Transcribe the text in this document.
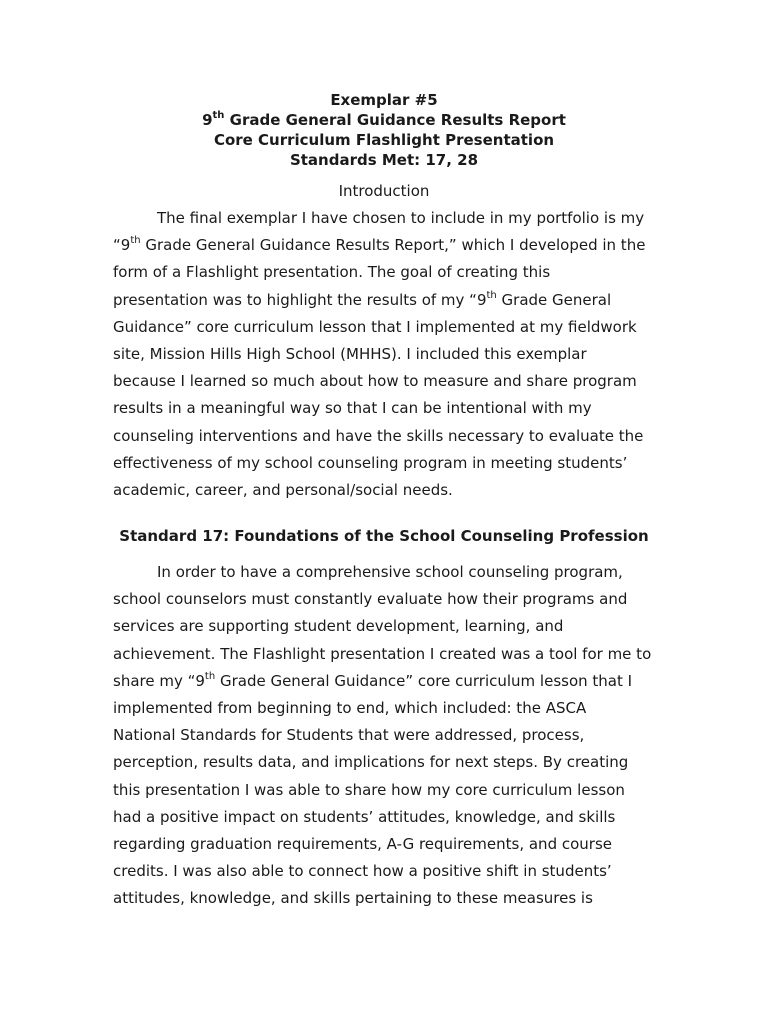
Exemplar #5
9th Grade General Guidance Results Report
Core Curriculum Flashlight Presentation
Standards Met: 17, 28
Introduction
The final exemplar I have chosen to include in my portfolio is my
“9th Grade General Guidance Results Report,” which I developed in the
form of a Flashlight presentation. The goal of creating this
presentation was to highlight the results of my “9th Grade General
Guidance” core curriculum lesson that I implemented at my fieldwork
site, Mission Hills High School (MHHS). I included this exemplar
because I learned so much about how to measure and share program
results in a meaningful way so that I can be intentional with my
counseling interventions and have the skills necessary to evaluate the
effectiveness of my school counseling program in meeting students’
academic, career, and personal/social needs.
Standard 17: Foundations of the School Counseling Profession
In order to have a comprehensive school counseling program,
school counselors must constantly evaluate how their programs and
services are supporting student development, learning, and
achievement. The Flashlight presentation I created was a tool for me to
share my “9th Grade General Guidance” core curriculum lesson that I
implemented from beginning to end, which included: the ASCA
National Standards for Students that were addressed, process,
perception, results data, and implications for next steps. By creating
this presentation I was able to share how my core curriculum lesson
had a positive impact on students’ attitudes, knowledge, and skills
regarding graduation requirements, A-G requirements, and course
credits. I was also able to connect how a positive shift in students’
attitudes, knowledge, and skills pertaining to these measures is
